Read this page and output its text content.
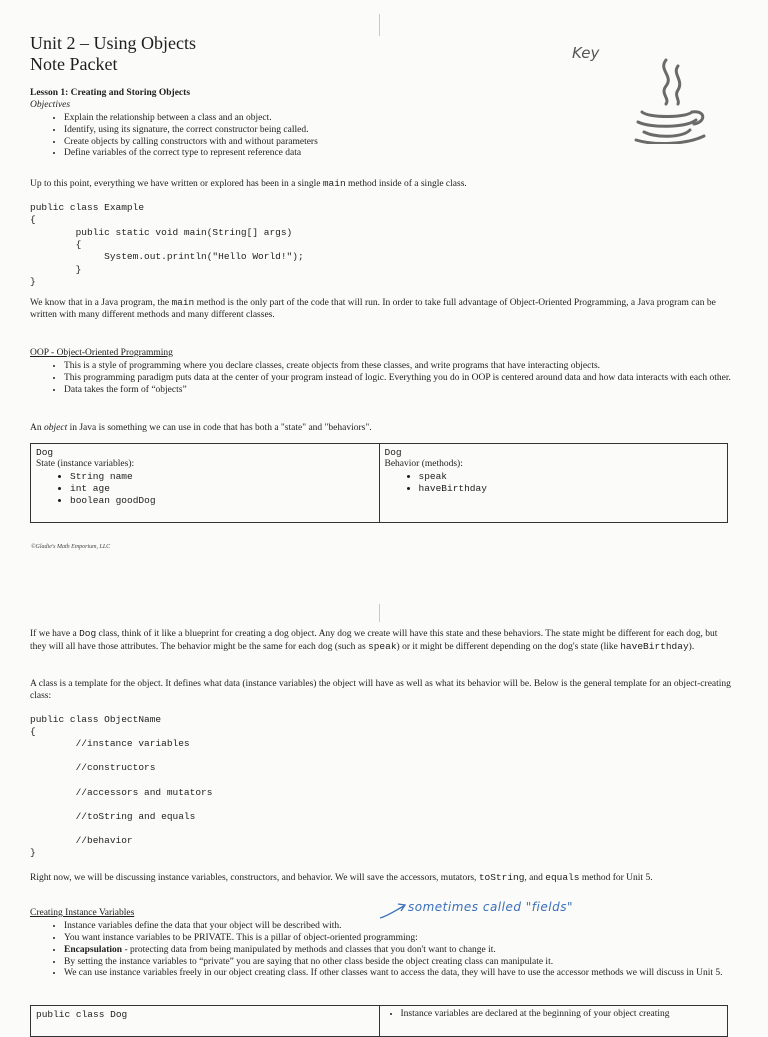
Unit 2 – Using Objects
Note Packet
Key
Lesson 1: Creating and Storing Objects
Objectives
• Explain the relationship between a class and an object.
• Identify, using its signature, the correct constructor being called.
• Create objects by calling constructors with and without parameters
• Define variables of the correct type to represent reference data
Up to this point, everything we have written or explored has been in a single main method inside of a single class.
public class Example
{
public static void main(String[] args)
{
System.out.println("Hello World!");
}
}
We know that in a Java program, the main method is the only part of the code that will run. In order to take full advantage of Object-Oriented Programming, a Java program can be written with many different methods and many different classes.
OOP - Object-Oriented Programming
• This is a style of programming where you declare classes, create objects from these classes, and write programs that have interacting objects.
• This programming paradigm puts data at the center of your program instead of logic. Everything you do in OOP is centered around data and how data interacts with each other.
• Data takes the form of “objects”
An object in Java is something we can use in code that has both a "state" and "behaviors".
Dog
State (instance variables):
• String name
• int age
• boolean goodDog
Dog
Behavior (methods):
• speak
• haveBirthday
©Gladie's Math Emporium, LLC
If we have a Dog class, think of it like a blueprint for creating a dog object. Any dog we create will have this state and these behaviors. The state might be different for each dog, but they will all have those attributes. The behavior might be the same for each dog (such as speak) or it might be different depending on the dog's state (like haveBirthday).
A class is a template for the object. It defines what data (instance variables) the object will have as well as what its behavior will be. Below is the general template for an object-creating class:
public class ObjectName
{
//instance variables

//constructors

//accessors and mutators

//toString and equals

//behavior
}
Right now, we will be discussing instance variables, constructors, and behavior. We will save the accessors, mutators, toString, and equals method for Unit 5.
sometimes called "fields"
Creating Instance Variables
• Instance variables define the data that your object will be described with.
• You want instance variables to be PRIVATE. This is a pillar of object-oriented programming:
• Encapsulation - protecting data from being manipulated by methods and classes that you don't want to change it.
• By setting the instance variables to “private” you are saying that no other class beside the object creating class can manipulate it.
• We can use instance variables freely in our object creating class. If other classes want to access the data, they will have to use the accessor methods we will discuss in Unit 5.
public class Dog
•	Instance variables are declared at the beginning of your object creating
